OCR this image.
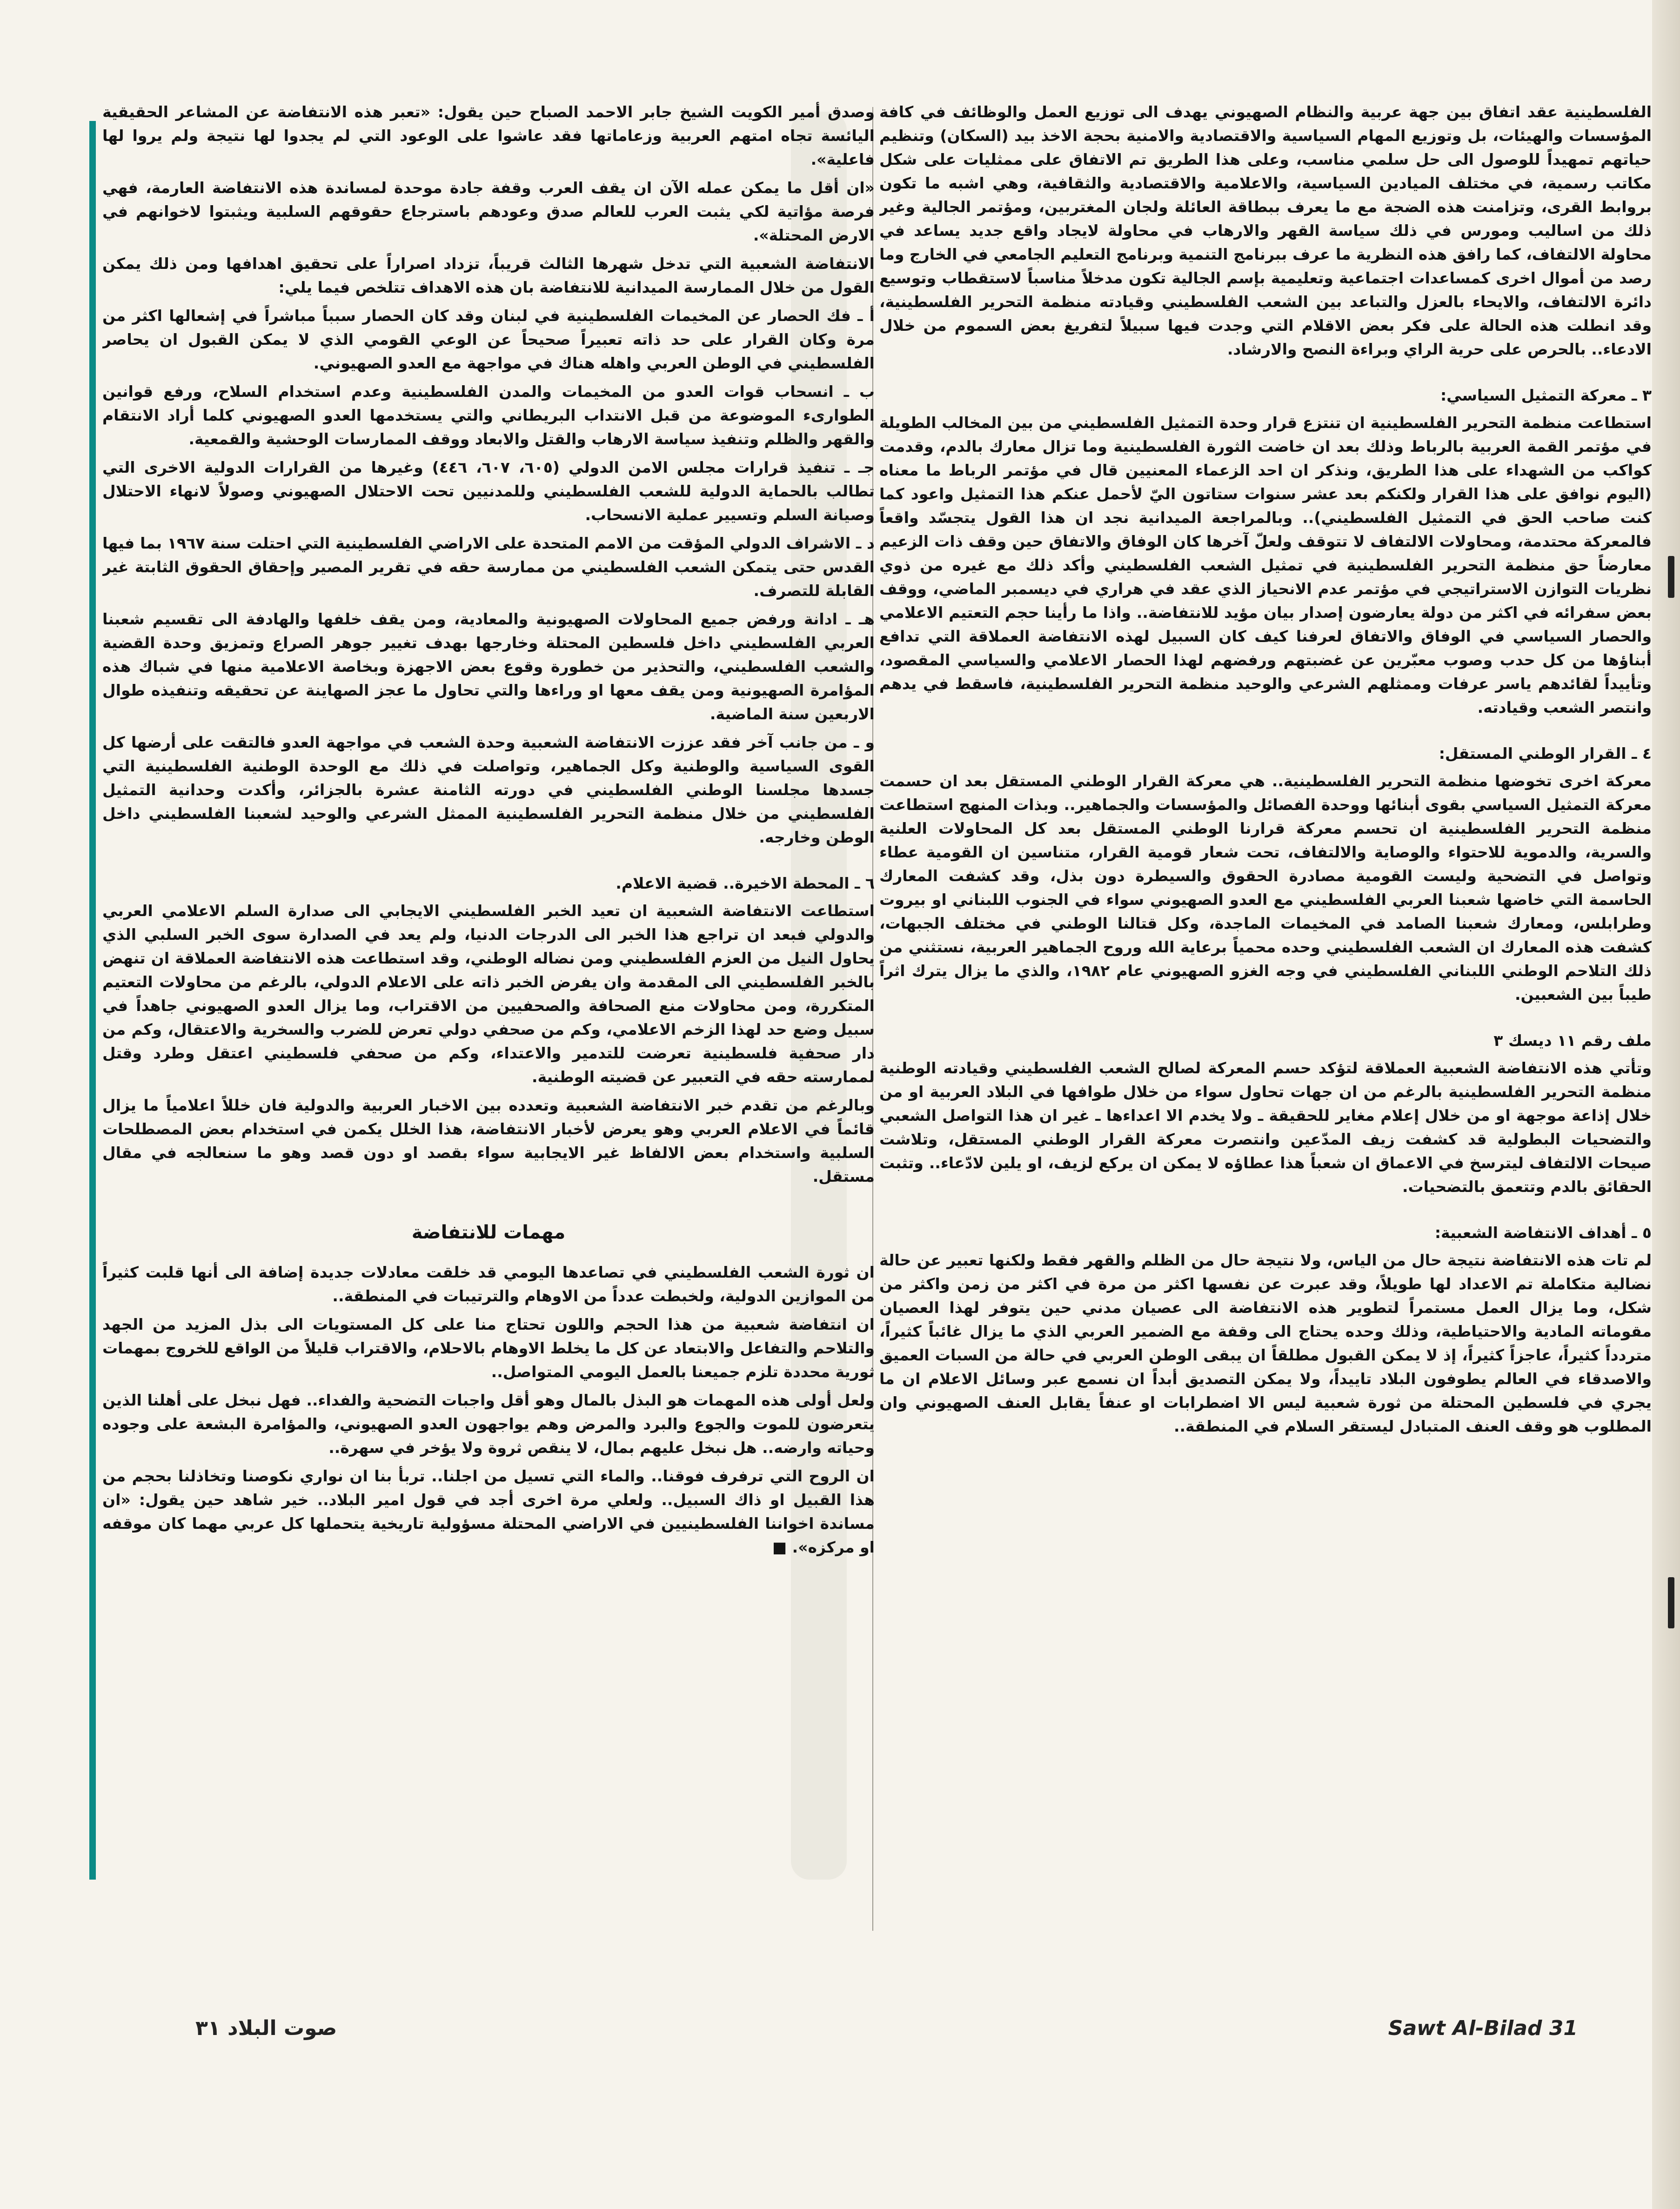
الفلسطينية عقد اتفاق بين جهة عربية والنظام الصهيوني يهدف الى توزيع العمل والوظائف في كافة المؤسسات والهيئات، بل وتوزيع المهام السياسية والاقتصادية والامنية بحجة الاخذ بيد (السكان) وتنظيم حياتهم تمهيداً للوصول الى حل سلمي مناسب، وعلى هذا الطريق تم الاتفاق على ممثليات على شكل مكاتب رسمية، في مختلف الميادين السياسية، والاعلامية والاقتصادية والثقافية، وهي اشبه ما تكون بروابط القرى، وتزامنت هذه الضجة مع ما يعرف ببطاقة العائلة ولجان المغتربين، ومؤتمر الجالية وغير ذلك من اساليب ومورس في ذلك سياسة القهر والارهاب في محاولة لايجاد واقع جديد يساعد في محاولة الالتفاف، كما رافق هذه النظرية ما عرف ببرنامج التنمية وبرنامج التعليم الجامعي في الخارج وما رصد من أموال اخرى كمساعدات اجتماعية وتعليمية بإسم الجالية تكون مدخلاً مناسباً لاستقطاب وتوسيع دائرة الالتفاف، والايحاء بالعزل والتباعد بين الشعب الفلسطيني وقيادته منظمة التحرير الفلسطينية، وقد انطلت هذه الحالة على فكر بعض الاقلام التي وجدت فيها سبيلاً لتفريغ بعض السموم من خلال الادعاء.. بالحرص على حرية الراي وبراءة النصح والارشاد.

٣ ـ معركة التمثيل السياسي:

استطاعت منظمة التحرير الفلسطينية ان تنتزع قرار وحدة التمثيل الفلسطيني من بين المخالب الطويلة في مؤتمر القمة العربية بالرباط وذلك بعد ان خاضت الثورة الفلسطينية وما تزال معارك بالدم، وقدمت كواكب من الشهداء على هذا الطريق، ونذكر ان احد الزعماء المعنيين قال في مؤتمر الرباط ما معناه (اليوم نوافق على هذا القرار ولكنكم بعد عشر سنوات ستاتون اليّ لأحمل عنكم هذا التمثيل واعود كما كنت صاحب الحق في التمثيل الفلسطيني).. وبالمراجعة الميدانية نجد ان هذا القول يتجسّد واقعاً فالمعركة محتدمة، ومحاولات الالتفاف لا تتوقف ولعلّ آخرها كان الوفاق والاتفاق حين وقف ذات الزعيم معارضاً حق منظمة التحرير الفلسطينية في تمثيل الشعب الفلسطيني وأكد ذلك مع غيره من ذوي نظريات التوازن الاستراتيجي في مؤتمر عدم الانحياز الذي عقد في هراري في ديسمبر الماضي، ووقف بعض سفرائه في اكثر من دولة يعارضون إصدار بيان مؤيد للانتفاضة.. واذا ما رأينا حجم التعتيم الاعلامي والحصار السياسي في الوفاق والاتفاق لعرفنا كيف كان السبيل لهذه الانتفاضة العملاقة التي تدافع أبناؤها من كل حدب وصوب معبّرين عن غضبتهم ورفضهم لهذا الحصار الاعلامي والسياسي المقصود، وتأييداً لقائدهم ياسر عرفات وممثلهم الشرعي والوحيد منظمة التحرير الفلسطينية، فاسقط في يدهم وانتصر الشعب وقيادته.

٤ ـ القرار الوطني المستقل:

معركة اخرى تخوضها منظمة التحرير الفلسطينية.. هي معركة القرار الوطني المستقل بعد ان حسمت معركة التمثيل السياسي بقوى أبنائها ووحدة الفصائل والمؤسسات والجماهير.. وبذات المنهج استطاعت منظمة التحرير الفلسطينية ان تحسم معركة قرارنا الوطني المستقل بعد كل المحاولات العلنية والسرية، والدموية للاحتواء والوصاية والالتفاف، تحت شعار قومية القرار، متناسين ان القومية عطاء وتواصل في التضحية وليست القومية مصادرة الحقوق والسيطرة دون بذل، وقد كشفت المعارك الحاسمة التي خاضها شعبنا العربي الفلسطيني مع العدو الصهيوني سواء في الجنوب اللبناني او بيروت وطرابلس، ومعارك شعبنا الصامد في المخيمات الماجدة، وكل قتالنا الوطني في مختلف الجبهات، كشفت هذه المعارك ان الشعب الفلسطيني وحده محمياً برعاية الله وروح الجماهير العربية، نستثني من ذلك التلاحم الوطني اللبناني الفلسطيني في وجه الغزو الصهيوني عام ١٩٨٢، والذي ما يزال يترك اثراً طيباً بين الشعبين.

ملف رقم ١١ ديسك ٣

وتأتي هذه الانتفاضة الشعبية العملاقة لتؤكد حسم المعركة لصالح الشعب الفلسطيني وقيادته الوطنية منظمة التحرير الفلسطينية بالرغم من ان جهات تحاول سواء من خلال طوافها في البلاد العربية او من خلال إذاعة موجهة او من خلال إعلام مغاير للحقيقة ـ ولا يخدم الا اعداءها ـ غير ان هذا التواصل الشعبي والتضحيات البطولية قد كشفت زيف المدّعين وانتصرت معركة القرار الوطني المستقل، وتلاشت صيحات الالتفاف ليترسخ في الاعماق ان شعباً هذا عطاؤه لا يمكن ان يركع لزيف، او يلين لادّعاء.. وتثبت الحقائق بالدم وتتعمق بالتضحيات.

٥ ـ أهداف الانتفاضة الشعبية:

لم تات هذه الانتفاضة نتيجة حال من الياس، ولا نتيجة حال من الظلم والقهر فقط ولكنها تعبير عن حالة نضالية متكاملة تم الاعداد لها طويلاً، وقد عبرت عن نفسها اكثر من مرة في اكثر من زمن واكثر من شكل، وما يزال العمل مستمراً لتطوير هذه الانتفاضة الى عصيان مدني حين يتوفر لهذا العصيان مقوماته المادية والاحتياطية، وذلك وحده يحتاج الى وقفة مع الضمير العربي الذي ما يزال غائباً كثيراً، متردداً كثيراً، عاجزاً كثيراً، إذ لا يمكن القبول مطلقاً ان يبقى الوطن العربي في حالة من السبات العميق والاصدقاء في العالم يطوفون البلاد تاييداً، ولا يمكن التصديق أبداً ان نسمع عبر وسائل الاعلام ان ما يجري في فلسطين المحتلة من ثورة شعبية ليس الا اضطرابات او عنفاً يقابل العنف الصهيوني وان المطلوب هو وقف العنف المتبادل ليستقر السلام في المنطقة..

وصدق أمير الكويت الشيخ جابر الاحمد الصباح حين يقول: «تعبر هذه الانتفاضة عن المشاعر الحقيقية اليائسة تجاه امتهم العربية وزعاماتها فقد عاشوا على الوعود التي لم يجدوا لها نتيجة ولم يروا لها فاعلية».

«ان أقل ما يمكن عمله الآن ان يقف العرب وقفة جادة موحدة لمساندة هذه الانتفاضة العارمة، فهي فرصة مؤاتية لكي يثبت العرب للعالم صدق وعودهم باسترجاع حقوقهم السلبية ويثبتوا لاخوانهم في الارض المحتلة».

الانتفاضة الشعبية التي تدخل شهرها الثالث قريباً، تزداد اصراراً على تحقيق اهدافها ومن ذلك يمكن القول من خلال الممارسة الميدانية للانتفاضة بان هذه الاهداف تتلخص فيما يلي:

أ ـ فك الحصار عن المخيمات الفلسطينية في لبنان وقد كان الحصار سبباً مباشراً في إشعالها اكثر من مرة وكان القرار على حد ذاته تعبيراً صحيحاً عن الوعي القومي الذي لا يمكن القبول ان يحاصر الفلسطيني في الوطن العربي واهله هناك في مواجهة مع العدو الصهيوني.

ب ـ انسحاب قوات العدو من المخيمات والمدن الفلسطينية وعدم استخدام السلاح، ورفع قوانين الطوارىء الموضوعة من قبل الانتداب البريطاني والتي يستخدمها العدو الصهيوني كلما أراد الانتقام والقهر والظلم وتنفيذ سياسة الارهاب والقتل والابعاد ووقف الممارسات الوحشية والقمعية.

جـ ـ تنفيذ قرارات مجلس الامن الدولي (٦٠٥، ٦٠٧، ٤٤٦) وغيرها من القرارات الدولية الاخرى التي تطالب بالحماية الدولية للشعب الفلسطيني وللمدنيين تحت الاحتلال الصهيوني وصولاً لانهاء الاحتلال وصيانة السلم وتسيير عملية الانسحاب.

د ـ الاشراف الدولي المؤقت من الامم المتحدة على الاراضي الفلسطينية التي احتلت سنة ١٩٦٧ بما فيها القدس حتى يتمكن الشعب الفلسطيني من ممارسة حقه في تقرير المصير وإحقاق الحقوق الثابتة غير القابلة للتصرف.

هـ ـ ادانة ورفض جميع المحاولات الصهيونية والمعادية، ومن يقف خلفها والهادفة الى تقسيم شعبنا العربي الفلسطيني داخل فلسطين المحتلة وخارجها بهدف تغيير جوهر الصراع وتمزيق وحدة القضية والشعب الفلسطيني، والتحذير من خطورة وقوع بعض الاجهزة وبخاصة الاعلامية منها في شباك هذه المؤامرة الصهيونية ومن يقف معها او وراءها والتي تحاول ما عجز الصهاينة عن تحقيقه وتنفيذه طوال الاربعين سنة الماضية.

و ـ من جانب آخر فقد عززت الانتفاضة الشعبية وحدة الشعب في مواجهة العدو فالتقت على أرضها كل القوى السياسية والوطنية وكل الجماهير، وتواصلت في ذلك مع الوحدة الوطنية الفلسطينية التي جسدها مجلسنا الوطني الفلسطيني في دورته الثامنة عشرة بالجزائر، وأكدت وحدانية التمثيل الفلسطيني من خلال منظمة التحرير الفلسطينية الممثل الشرعي والوحيد لشعبنا الفلسطيني داخل الوطن وخارجه.

٦ ـ المحطة الاخيرة.. قضية الاعلام.

استطاعت الانتفاضة الشعبية ان تعيد الخبر الفلسطيني الايجابي الى صدارة السلم الاعلامي العربي والدولي فبعد ان تراجع هذا الخبر الى الدرجات الدنيا، ولم يعد في الصدارة سوى الخبر السلبي الذي يحاول النيل من العزم الفلسطيني ومن نضاله الوطني، وقد استطاعت هذه الانتفاضة العملاقة ان تنهض بالخبر الفلسطيني الى المقدمة وان يفرض الخبر ذاته على الاعلام الدولي، بالرغم من محاولات التعتيم المتكررة، ومن محاولات منع الصحافة والصحفيين من الاقتراب، وما يزال العدو الصهيوني جاهداً في سبيل وضع حد لهذا الزخم الاعلامي، وكم من صحفي دولي تعرض للضرب والسخرية والاعتقال، وكم من دار صحفية فلسطينية تعرضت للتدمير والاعتداء، وكم من صحفي فلسطيني اعتقل وطرد وقتل لممارسته حقه في التعبير عن قضيته الوطنية.

وبالرغم من تقدم خبر الانتفاضة الشعبية وتعدده بين الاخبار العربية والدولية فان خللاً اعلامياً ما يزال قائماً في الاعلام العربي وهو يعرض لأخبار الانتفاضة، هذا الخلل يكمن في استخدام بعض المصطلحات السلبية واستخدام بعض الالفاظ غير الايجابية سواء بقصد او دون قصد وهو ما سنعالجه في مقال مستقل.

مهمات للانتفاضة

ان ثورة الشعب الفلسطيني في تصاعدها اليومي قد خلقت معادلات جديدة إضافة الى أنها قلبت كثيراً من الموازين الدولية، ولخبطت عدداً من الاوهام والترتيبات في المنطقة..

ان انتفاضة شعبية من هذا الحجم واللون تحتاج منا على كل المستويات الى بذل المزيد من الجهد والتلاحم والتفاعل والابتعاد عن كل ما يخلط الاوهام بالاحلام، والاقتراب قليلاً من الواقع للخروج بمهمات ثورية محددة تلزم جميعنا بالعمل اليومي المتواصل..

ولعل أولى هذه المهمات هو البذل بالمال وهو أقل واجبات التضحية والفداء.. فهل نبخل على أهلنا الذين يتعرضون للموت والجوع والبرد والمرض وهم يواجهون العدو الصهيوني، والمؤامرة البشعة على وجوده وحياته وارضه.. هل نبخل عليهم بمال، لا ينقص ثروة ولا يؤخر في سهرة..

ان الروح التي ترفرف فوقنا.. والماء التي تسيل من اجلنا.. تربأ بنا ان نواري نكوصنا وتخاذلنا بحجم من هذا القبيل او ذاك السبيل.. ولعلي مرة اخرى أجد في قول امير البلاد.. خير شاهد حين يقول: «ان مساندة اخواننا الفلسطينيين في الاراضي المحتلة مسؤولية تاريخية يتحملها كل عربي مهما كان موقفه او مركزه». ■

Sawt Al-Bilad 31
صوت البلاد ٣١
